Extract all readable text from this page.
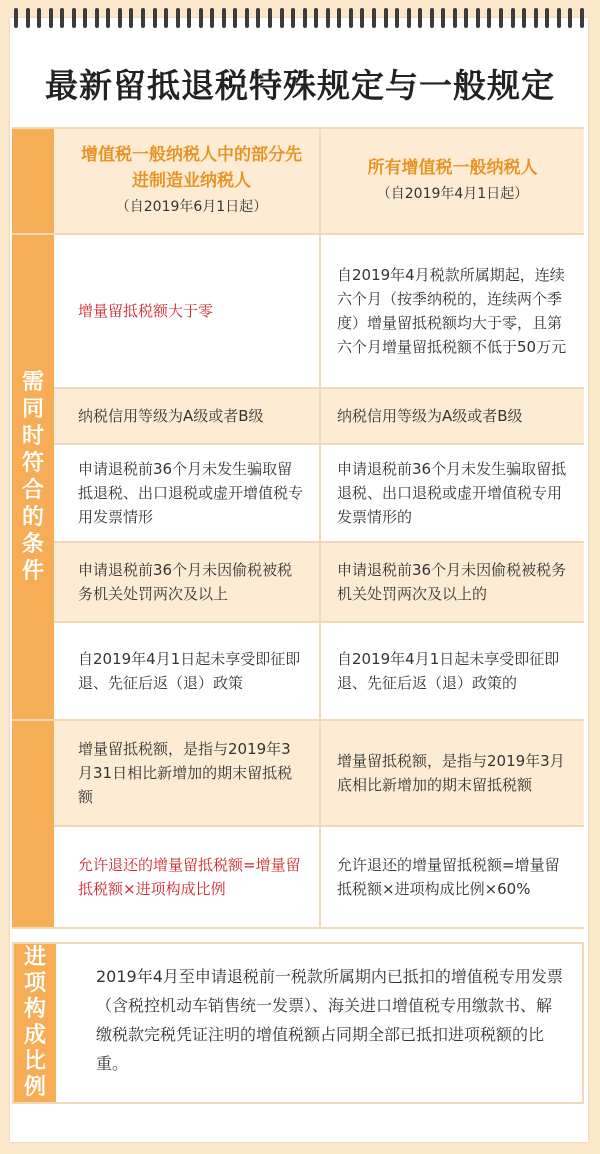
最新留抵退税特殊规定与一般规定
增值税一般纳税人中的部分先进制造业纳税人
（自2019年6月1日起）
所有增值税一般纳税人
（自2019年4月1日起）
需同时符合的条件
增量留抵税额大于零
自2019年4月税款所属期起，连续六个月（按季纳税的，连续两个季度）增量留抵税额均大于零，且第六个月增量留抵税额不低于50万元
纳税信用等级为A级或者B级	纳税信用等级为A级或者B级
申请退税前36个月未发生骗取留抵退税、出口退税或虚开增值税专用发票情形
申请退税前36个月未发生骗取留抵退税、出口退税或虚开增值税专用发票情形的
申请退税前36个月未因偷税被税务机关处罚两次及以上
申请退税前36个月未因偷税被税务机关处罚两次及以上的
自2019年4月1日起未享受即征即退、先征后返（退）政策
自2019年4月1日起未享受即征即退、先征后返（退）政策的
增量留抵税额，是指与2019年3月31日相比新增加的期末留抵税额
增量留抵税额，是指与2019年3月底相比新增加的期末留抵税额
允许退还的增量留抵税额=增量留抵税额×进项构成比例
允许退还的增量留抵税额=增量留抵税额×进项构成比例×60%
进项构成比例
2019年4月至申请退税前一税款所属期内已抵扣的增值税专用发票（含税控机动车销售统一发票）、海关进口增值税专用缴款书、解缴税款完税凭证注明的增值税额占同期全部已抵扣进项税额的比重。
